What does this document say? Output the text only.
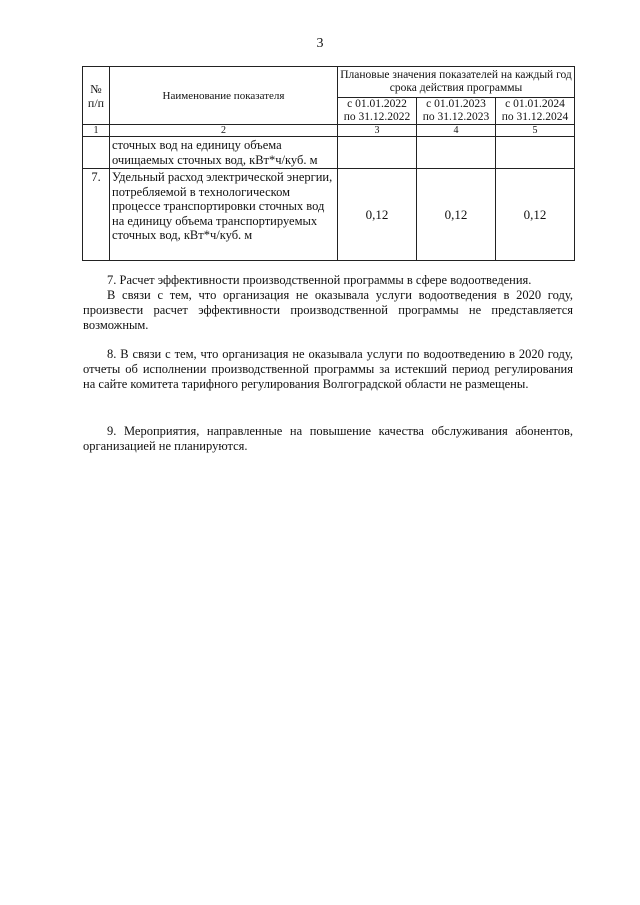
3
№ п/п	Наименование показателя	Плановые значения показателей на каждый год срока действия программы		
		с 01.01.2022 по 31.12.2022	с 01.01.2023 по 31.12.2023	с 01.01.2024 по 31.12.2024
1	2	3	4	5
	сточных вод на единицу объема очищаемых сточных вод, кВт*ч/куб. м			
7.	Удельный расход электрической энергии, потребляемой в технологическом процессе транспортировки сточных вод на единицу объема транспортируемых сточных вод, кВт*ч/куб. м	0,12	0,12	0,12

7. Расчет эффективности производственной программы в сфере водоотведения.

В связи с тем, что организация не оказывала услуги водоотведения в 2020 году, произвести расчет эффективности производственной программы не представляется возможным.

8. В связи с тем, что организация не оказывала услуги по водоотведению в 2020 году, отчеты об исполнении производственной программы за истекший период регулирования на сайте комитета тарифного регулирования Волгоградской области не размещены.

9. Мероприятия, направленные на повышение качества обслуживания абонентов, организацией не планируются.
